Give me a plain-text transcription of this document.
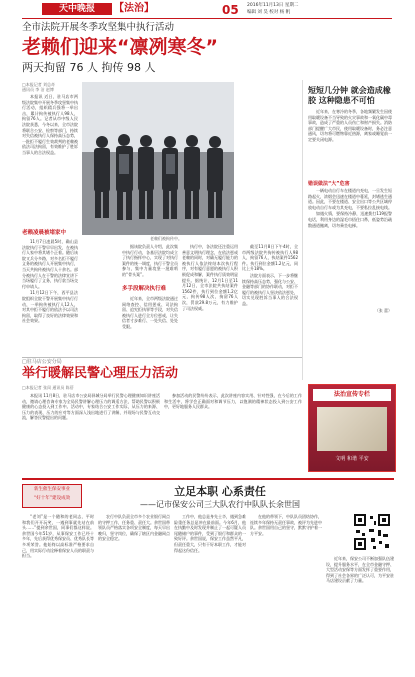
天中晚报	【法治】	05 2016年11月13日 星期二
编辑 刘 昊 校对 杨 帆
全市法院开展冬季攻坚集中执行活动
老赖们迎来“凛冽寒冬”
两天拘留 76 人 拘传 98 人
□本报记者 刘总奇
通讯员 李 洁 赵博

本报讯 近日，驻马店市两级法院集中开展冬季攻坚集中执行活动，组织精兵强将一举出击，累计拘传被执行人98人，拘留76人。记者从市中级人民法院获悉，今冬以来，全市法院将联合公安、检察等部门，持续对失信被执行人保持高压态势，一批拒不履行生效裁判的老赖被依法司法拘留，有效维护了胜诉当事人的合法权益。

老赖凌晨被堵家中

11月7日凌晨5时，确山县法院执行干警早早出发，在被执行人家中将其堵个正着。随后该院又兵分多路，对多名拒不履行义务的被执行人开展集中执行，当天共拘传被执行人十余名。部分被执行人在干警的法律宣讲下当场履行了义务，执行款当场交付申请人。

11月12日下午，西平县法院组织全院干警开展集中执行行动，一举拘传被执行人12人，对其中拒不履行的依法予以司法拘留，取得了良好的法律效果和社会效果。

老赖们被拘传中。

据该院负责人介绍，此次集中执行行动，各基层法院均成立了执行指挥中心，实现了对执行案件的统一调度，执行干警全员参与，集中力量攻坚一批难啃的“骨头案”。

多手段解决执行难

近年来，全市两级法院通过网络查控、信用惩戒、司法拘留、追究拒执罪等手段，对失信被执行人进行全方位惩戒，让失信者寸步难行、一处失信、处处受限。

执行中，各法院还注重运用善意文明执行理念，在依法惩戒老赖的同时，对确无履行能力的被执行人依法终结本次执行程序，对有履行意愿的被执行人积极促成和解，案件执行质效明显提升。据统计，12月1日至11月12日，全市法院共执结案件1562件，执行到位金额1.2亿元，拘传98人次，拘留76人次，罚款29.8万元，有力维护了司法权威。

截至11月8日下午4时，全市两级法院共拘传被执行人98人，拘留76人，执结案件1562件。执行到位金额1.2亿元，同比上升18%。

法院方面表示，下一步将继续保持高压态势，强化与公安、金融等部门的协作联动，对拒不履行的被执行人坚决依法惩处，切实兑现胜诉当事人的合法权益。

短短几分钟 就会造成橡胶 这种隐患不可怕

近年来，在寒冷的冬季，各地频繁发生因使用取暖设备不当导致的火灾事故和一氧化碳中毒事故，造成了严重的人员伤亡和财产损失。消防部门提醒广大市民，使用取暖设备时，务必注意通风，切勿将可燃物靠近热源，离家或睡觉前一定要关闭电源。

错误做法“大”危害

一辆电动自行车在楼道内充电，一旦发生短路起火，浓烟会迅速在楼道中蔓延，封堵逃生通道。因此，不要在楼道、安全出口等公共区域停放电动自行车或为其充电，不要私拉乱接电线。

如遇火情，要保持冷静，迅速拨打119报警电话，利用身边的湿毛巾捂住口鼻，低姿势沿疏散通道撤离，切勿乘坐电梯。

（张 蕾）
法治宣传专栏
文明 和谐 平安
□驻马店公安分局
举行暖解民警心理压力活动
□本报记者 张闵 通讯员 陈蓓

本报讯 11月8日，驻马店市公安局驿城分局举行民警心理健康知识讲座活动，邀请心理咨询专家为全局民警讲解心理压力的调适方法，帮助民警以积极健康的心态投入到工作中。活动中，专家结合公安工作实际，从压力的来源、压力的表现、压力的应对等方面深入浅出地进行了讲解，并现场与民警互动交流，解答民警提出的问题。

参加活动的民警纷纷表示，此次讲座内容实用、针对性强，在今后的工作和生活中，将学会正确面对和调节压力，以饱满的精神状态投入到公安工作中，更好地服务人民群众。

新生催生保安事业
“好十年”建设成效
立足本职 心系责任
——记市保安公司三大队农行中队队长余世国

“老刘”是一个随和的老同志，平时和我们开开玩笑，一遇到事就先站在前头……”提到余世国，同事们都这样说。余世国今年51岁，从事保安工作已经十多年，先后获得优秀保安员、优秀队长等多项荣誉。他始终以高标准严格要求自己，用实际行动诠释着保安人员的职责与担当。

农行中队负责全市多个农业银行网点的守押工作，任务重、责任大。余世国带领队员严格落实各项安全制度，每天早出晚归，坚守岗位，确保了辖区内金融网点的安全稳定。

工作中，他总是身先士卒，遇到急难险重任务总是冲在最前面。今年6月，他在执勤中及时发现并制止了一起可疑人员尾随储户的事件，受到了银行和群众的一致好评。余世国说，保安工作虽然平凡，但责任重大，只有干好本职工作，才能对得起这份信任。

在他的带领下，中队队员团结协作，连续多年保持无责任事故，被评为先进中队。余世国用自己的坚守，默默守护着一方平安。

近年来，保安公司不断加强队伍建设，提升服务水平，在全市金融守押、大型活动安保等方面发挥了重要作用，得到了社会各界的广泛认可，为平安驻马店建设贡献了力量。
